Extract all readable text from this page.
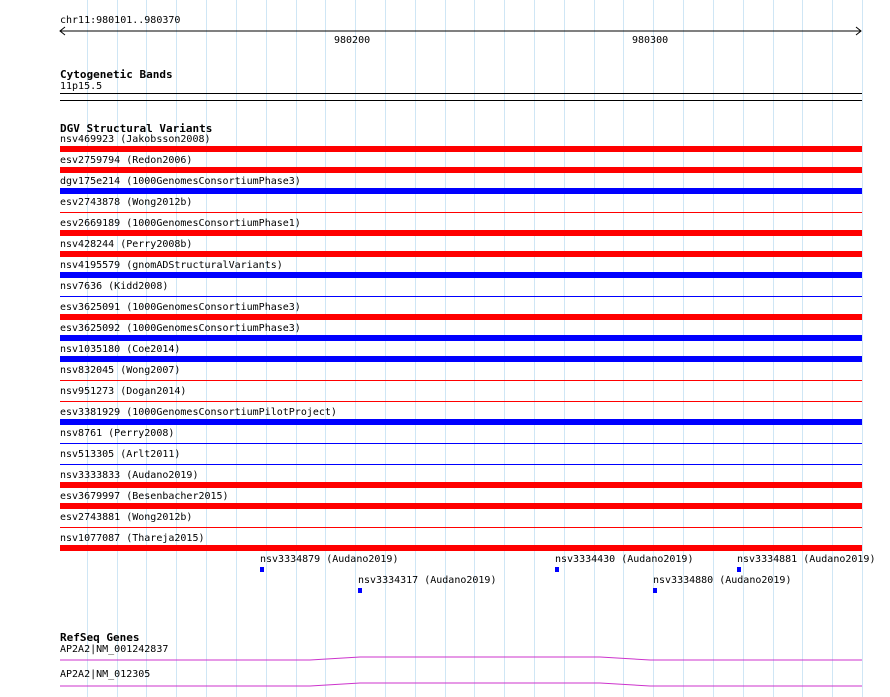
chr11:980101..980370
980200	980300
Cytogenetic Bands
11p15.5
DGV Structural Variants
nsv469923 (Jakobsson2008)
esv2759794 (Redon2006)
dgv175e214 (1000GenomesConsortiumPhase3)
esv2743878 (Wong2012b)
esv2669189 (1000GenomesConsortiumPhase1)
nsv428244 (Perry2008b)
nsv4195579 (gnomADStructuralVariants)
nsv7636 (Kidd2008)
esv3625091 (1000GenomesConsortiumPhase3)
esv3625092 (1000GenomesConsortiumPhase3)
nsv1035180 (Coe2014)
nsv832045 (Wong2007)
nsv951273 (Dogan2014)
esv3381929 (1000GenomesConsortiumPilotProject)
nsv8761 (Perry2008)
nsv513305 (Arlt2011)
nsv3333833 (Audano2019)
esv3679997 (Besenbacher2015)
esv2743881 (Wong2012b)
nsv1077087 (Thareja2015)
nsv3334879 (Audano2019)
nsv3334317 (Audano2019)
nsv3334430 (Audano2019)
nsv3334880 (Audano2019)
nsv3334881 (Audano2019)
RefSeq Genes
AP2A2|NM_001242837
AP2A2|NM_012305
